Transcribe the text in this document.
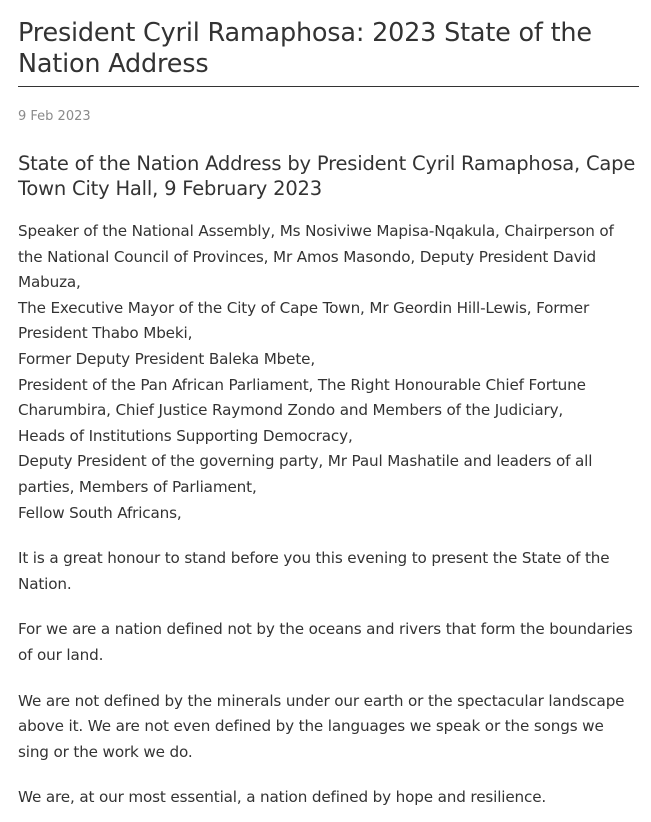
President Cyril Ramaphosa: 2023 State of the Nation Address
9 Feb 2023
State of the Nation Address by President Cyril Ramaphosa, Cape Town City Hall, 9 February 2023
Speaker of the National Assembly, Ms Nosiviwe Mapisa-Nqakula, Chairperson of the National Council of Provinces, Mr Amos Masondo, Deputy President David Mabuza,
The Executive Mayor of the City of Cape Town, Mr Geordin Hill-Lewis, Former President Thabo Mbeki,
Former Deputy President Baleka Mbete,
President of the Pan African Parliament, The Right Honourable Chief Fortune Charumbira, Chief Justice Raymond Zondo and Members of the Judiciary,
Heads of Institutions Supporting Democracy,
Deputy President of the governing party, Mr Paul Mashatile and leaders of all parties, Members of Parliament,
Fellow South Africans,

It is a great honour to stand before you this evening to present the State of the Nation.

For we are a nation defined not by the oceans and rivers that form the boundaries of our land.

We are not defined by the minerals under our earth or the spectacular landscape above it. We are not even defined by the languages we speak or the songs we sing or the work we do.

We are, at our most essential, a nation defined by hope and resilience.
